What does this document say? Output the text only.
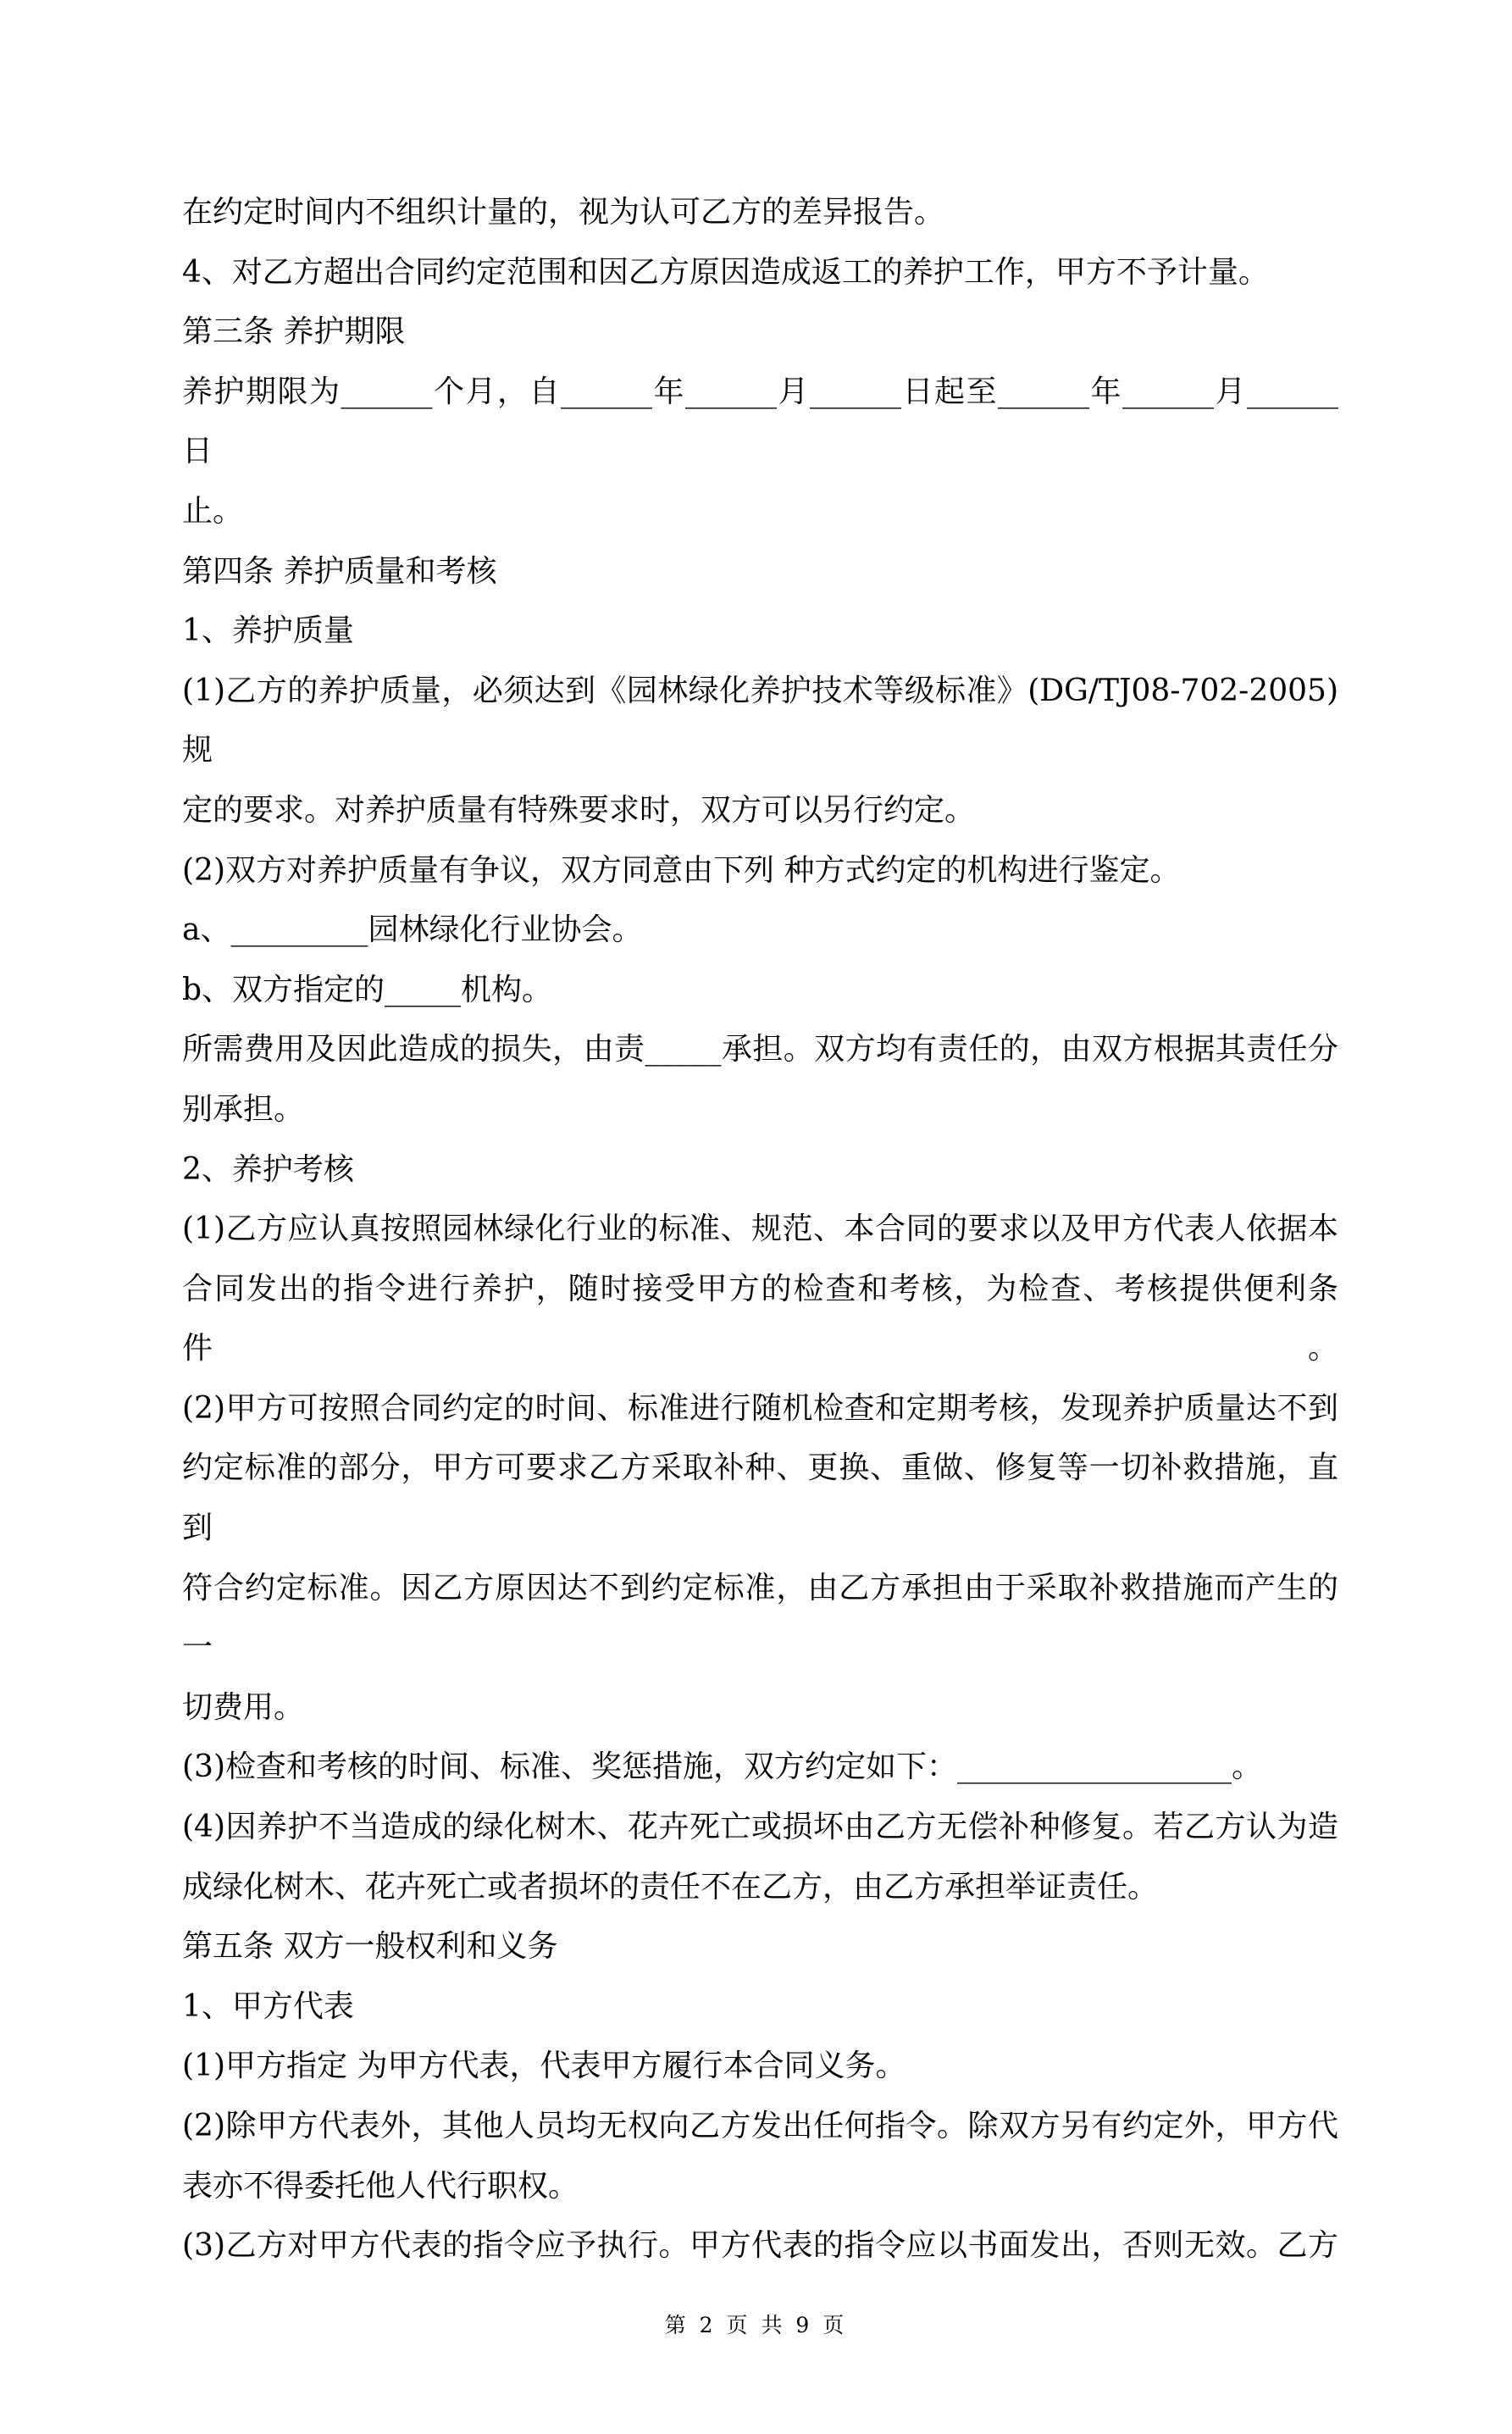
在约定时间内不组织计量的，视为认可乙方的差异报告。
4、对乙方超出合同约定范围和因乙方原因造成返工的养护工作，甲方不予计量。
第三条 养护期限
养护期限为______个月，自______年______月______日起至______年______月______日
止。
第四条 养护质量和考核
1、养护质量
(1)乙方的养护质量，必须达到《园林绿化养护技术等级标准》(DG/TJ08-702-2005)规
定的要求。对养护质量有特殊要求时，双方可以另行约定。
(2)双方对养护质量有争议，双方同意由下列 种方式约定的机构进行鉴定。
a、_________园林绿化行业协会。
b、双方指定的_____机构。
所需费用及因此造成的损失，由责_____承担。双方均有责任的，由双方根据其责任分
别承担。
2、养护考核
(1)乙方应认真按照园林绿化行业的标准、规范、本合同的要求以及甲方代表人依据本
合同发出的指令进行养护，随时接受甲方的检查和考核，为检查、考核提供便利条件。
(2)甲方可按照合同约定的时间、标准进行随机检查和定期考核，发现养护质量达不到
约定标准的部分，甲方可要求乙方采取补种、更换、重做、修复等一切补救措施，直到
符合约定标准。因乙方原因达不到约定标准，由乙方承担由于采取补救措施而产生的一
切费用。
(3)检查和考核的时间、标准、奖惩措施，双方约定如下：__________________。
(4)因养护不当造成的绿化树木、花卉死亡或损坏由乙方无偿补种修复。若乙方认为造
成绿化树木、花卉死亡或者损坏的责任不在乙方，由乙方承担举证责任。
第五条 双方一般权利和义务
1、甲方代表
(1)甲方指定 为甲方代表，代表甲方履行本合同义务。
(2)除甲方代表外，其他人员均无权向乙方发出任何指令。除双方另有约定外，甲方代
表亦不得委托他人代行职权。
(3)乙方对甲方代表的指令应予执行。甲方代表的指令应以书面发出，否则无效。乙方
第 2 页 共 9 页
